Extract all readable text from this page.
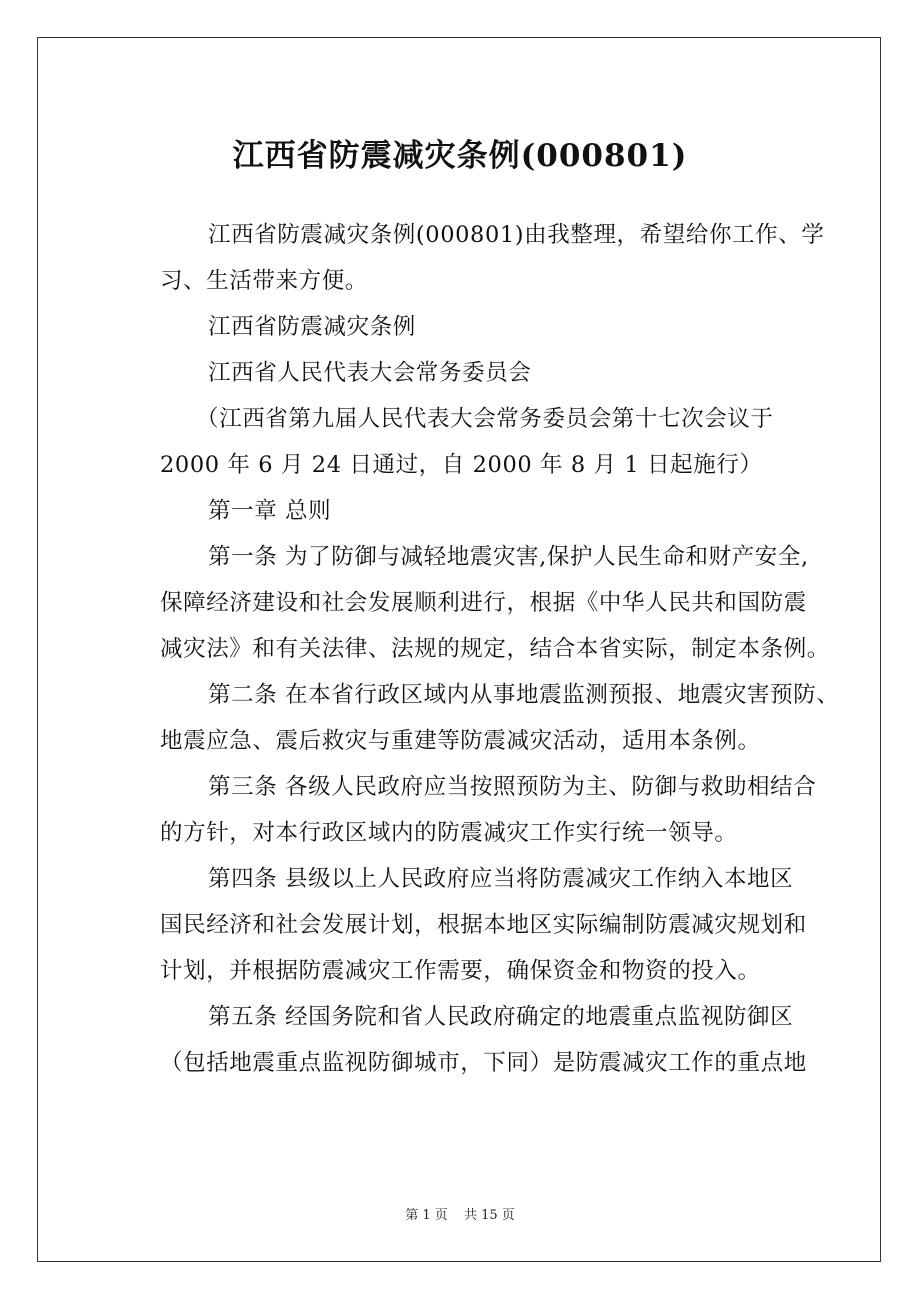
江西省防震减灾条例(000801)

江西省防震减灾条例(000801)由我整理，希望给你工作、学
习、生活带来方便。

江西省防震减灾条例

江西省人民代表大会常务委员会

（江西省第九届人民代表大会常务委员会第十七次会议于
2000 年 6 月 24 日通过，自 2000 年 8 月 1 日起施行）

第一章 总则

第一条 为了防御与减轻地震灾害,保护人民生命和财产安全,
保障经济建设和社会发展顺利进行，根据《中华人民共和国防震
减灾法》和有关法律、法规的规定，结合本省实际，制定本条例。

第二条 在本省行政区域内从事地震监测预报、地震灾害预防、
地震应急、震后救灾与重建等防震减灾活动，适用本条例。

第三条 各级人民政府应当按照预防为主、防御与救助相结合
的方针，对本行政区域内的防震减灾工作实行统一领导。

第四条 县级以上人民政府应当将防震减灾工作纳入本地区
国民经济和社会发展计划，根据本地区实际编制防震减灾规划和
计划，并根据防震减灾工作需要，确保资金和物资的投入。

第五条 经国务院和省人民政府确定的地震重点监视防御区
（包括地震重点监视防御城市，下同）是防震减灾工作的重点地

第 1 页 共 15 页
